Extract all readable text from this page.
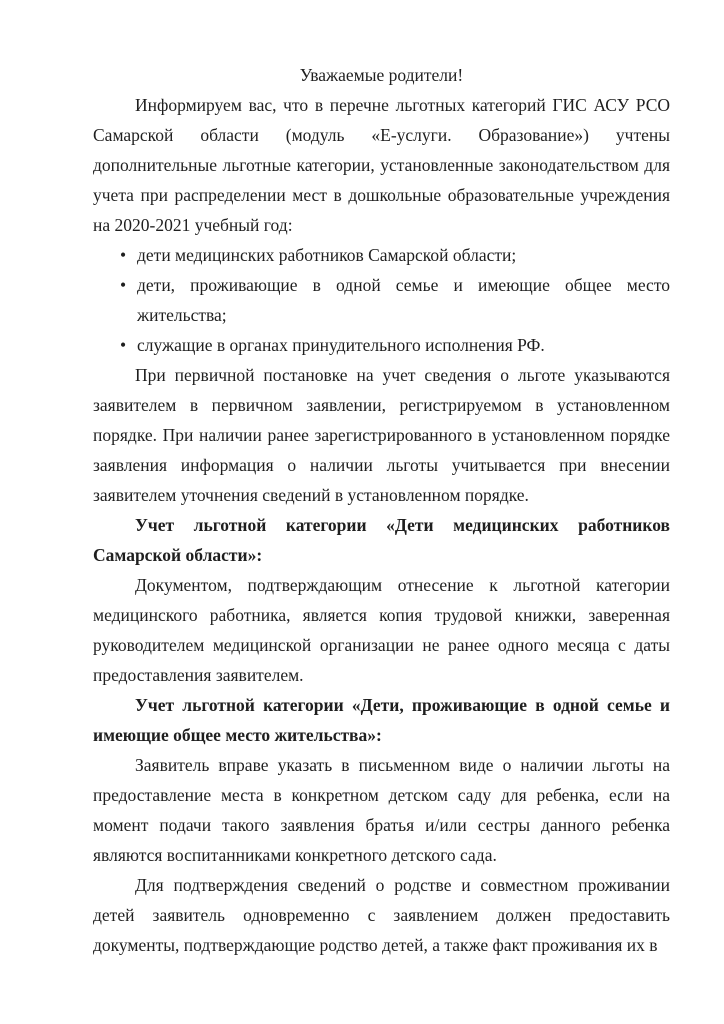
Уважаемые родители!

Информируем вас, что в перечне льготных категорий ГИС АСУ РСО Самарской области (модуль «Е-услуги. Образование») учтены дополнительные льготные категории, установленные законодательством для учета при распределении мест в дошкольные образовательные учреждения на 2020-2021 учебный год:

• дети медицинских работников Самарской области;
• дети, проживающие в одной семье и имеющие общее место жительства;
• служащие в органах принудительного исполнения РФ.

При первичной постановке на учет сведения о льготе указываются заявителем в первичном заявлении, регистрируемом в установленном порядке. При наличии ранее зарегистрированного в установленном порядке заявления информация о наличии льготы учитывается при внесении заявителем уточнения сведений в установленном порядке.

Учет льготной категории «Дети медицинских работников Самарской области»:

Документом, подтверждающим отнесение к льготной категории медицинского работника, является копия трудовой книжки, заверенная руководителем медицинской организации не ранее одного месяца с даты предоставления заявителем.

Учет льготной категории «Дети, проживающие в одной семье и имеющие общее место жительства»:

Заявитель вправе указать в письменном виде о наличии льготы на предоставление места в конкретном детском саду для ребенка, если на момент подачи такого заявления братья и/или сестры данного ребенка являются воспитанниками конкретного детского сада.

Для подтверждения сведений о родстве и совместном проживании детей заявитель одновременно с заявлением должен предоставить документы, подтверждающие родство детей, а также факт проживания их в
